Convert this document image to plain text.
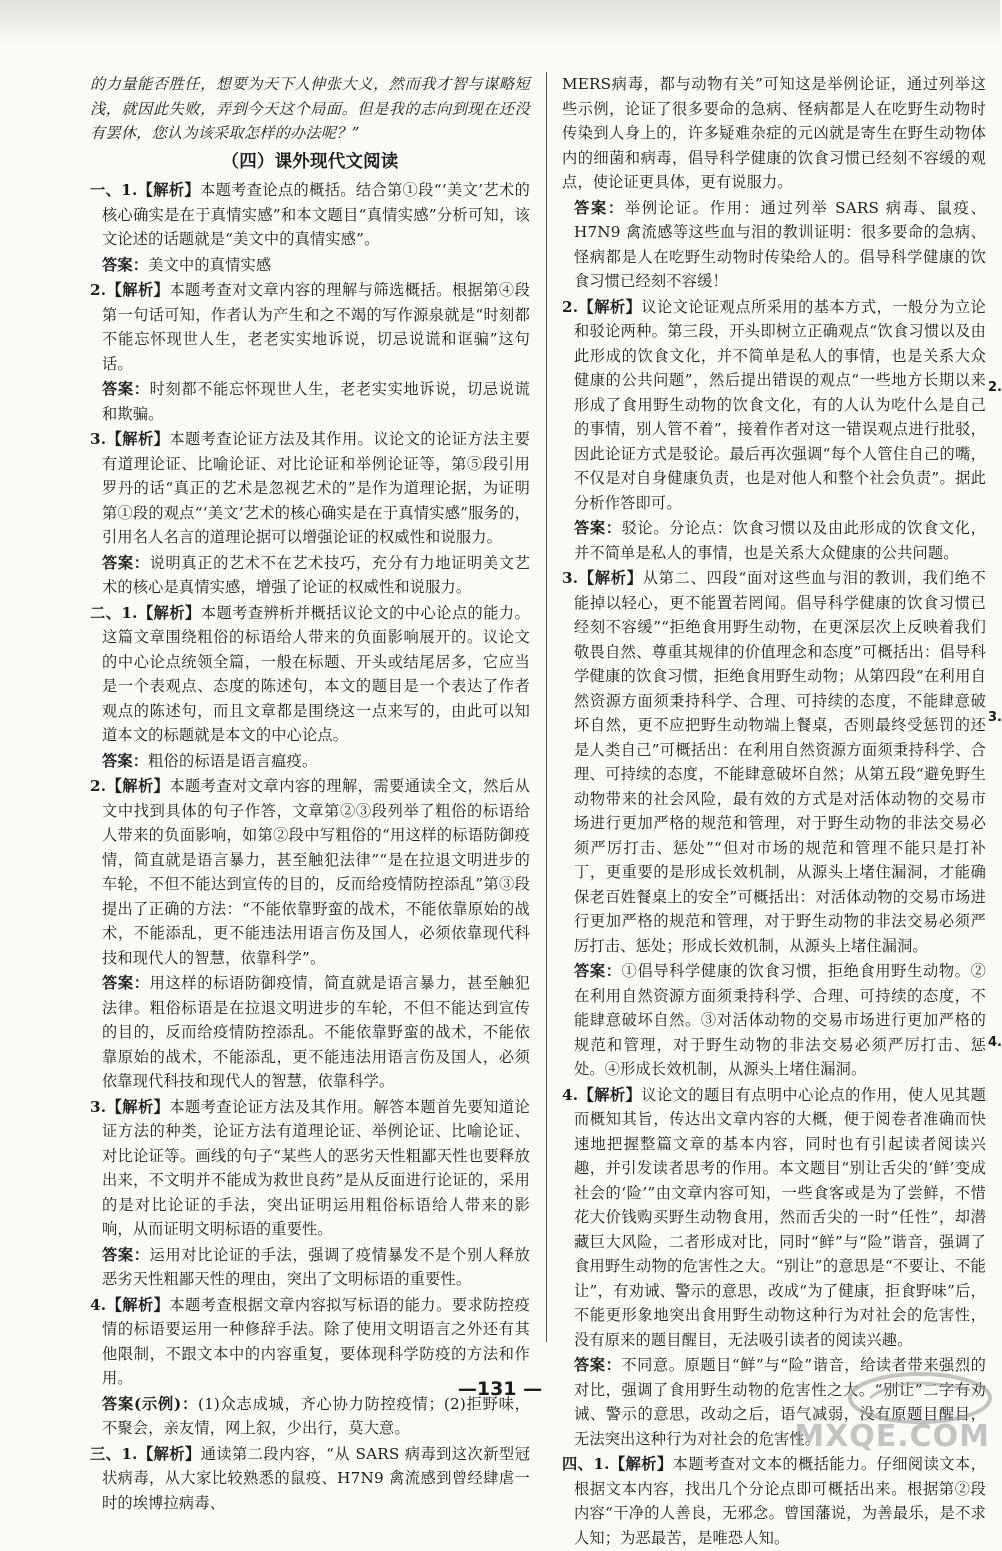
的力量能否胜任，想要为天下人伸张大义，然而我才智与谋略短浅，就因此失败，弄到今天这个局面。但是我的志向到现在还没有罢休，您认为该采取怎样的办法呢？”
（四）课外现代文阅读
一、1.【解析】本题考查论点的概括。结合第①段“‘美文’艺术的核心确实是在于真情实感”和本文题目“真情实感”分析可知，该文论述的话题就是“美文中的真情实感”。
答案：美文中的真情实感
2.【解析】本题考查对文章内容的理解与筛选概括。根据第④段第一句话可知，作者认为产生和之不竭的写作源泉就是“时刻都不能忘怀现世人生，老老实实地诉说，切忌说谎和诓骗”这句话。
答案：时刻都不能忘怀现世人生，老老实实地诉说，切忌说谎和欺骗。
3.【解析】本题考查论证方法及其作用。议论文的论证方法主要有道理论证、比喻论证、对比论证和举例论证等，第⑤段引用罗丹的话“真正的艺术是忽视艺术的”是作为道理论据，为证明第①段的观点“‘美文’艺术的核心确实是在于真情实感”服务的，引用名人名言的道理论据可以增强论证的权威性和说服力。
答案：说明真正的艺术不在艺术技巧，充分有力地证明美文艺术的核心是真情实感，增强了论证的权威性和说服力。
二、1.【解析】本题考查辨析并概括议论文的中心论点的能力。这篇文章围绕粗俗的标语给人带来的负面影响展开的。议论文的中心论点统领全篇，一般在标题、开头或结尾居多，它应当是一个表观点、态度的陈述句，本文的题目是一个表达了作者观点的陈述句，而且文章都是围绕这一点来写的，由此可以知道本文的标题就是本文的中心论点。
答案：粗俗的标语是语言瘟疫。
2.【解析】本题考查对文章内容的理解，需要通读全文，然后从文中找到具体的句子作答，文章第②③段列举了粗俗的标语给人带来的负面影响，如第②段中写粗俗的“用这样的标语防御疫情，简直就是语言暴力，甚至触犯法律”“是在拉退文明进步的车轮，不但不能达到宣传的目的，反而给疫情防控添乱”第③段提出了正确的方法：“不能依靠野蛮的战术，不能依靠原始的战术，不能添乱，更不能违法用语言伤及国人，必须依靠现代科技和现代人的智慧，依靠科学”。
答案：用这样的标语防御疫情，简直就是语言暴力，甚至触犯法律。粗俗标语是在拉退文明进步的车轮，不但不能达到宣传的目的，反而给疫情防控添乱。不能依靠野蛮的战术，不能依靠原始的战术，不能添乱，更不能违法用语言伤及国人，必须依靠现代科技和现代人的智慧，依靠科学。
3.【解析】本题考查论证方法及其作用。解答本题首先要知道论证方法的种类，论证方法有道理论证、举例论证、比喻论证、对比论证等。画线的句子“某些人的恶劣天性粗鄙天性也要释放出来，不文明并不能成为救世良药”是从反面进行论证的，采用的是对比论证的手法，突出证明运用粗俗标语给人带来的影响，从而证明文明标语的重要性。
答案：运用对比论证的手法，强调了疫情暴发不是个别人释放恶劣天性粗鄙天性的理由，突出了文明标语的重要性。
4.【解析】本题考查根据文章内容拟写标语的能力。要求防控疫情的标语要运用一种修辞手法。除了使用文明语言之外还有其他限制，不跟文本中的内容重复，要体现科学防疫的方法和作用。
答案(示例)：(1)众志成城，齐心协力防控疫情；(2)拒野味，不聚会，亲友情，网上叙，少出行，莫大意。
三、1.【解析】通读第二段内容，“从 SARS 病毒到这次新型冠状病毒，从大家比较熟悉的鼠疫、H7N9 禽流感到曾经肆虐一时的埃博拉病毒、
MERS病毒，都与动物有关”可知这是举例论证，通过列举这些示例，论证了很多要命的急病、怪病都是人在吃野生动物时传染到人身上的，许多疑难杂症的元凶就是寄生在野生动物体内的细菌和病毒，倡导科学健康的饮食习惯已经刻不容缓的观点，使论证更具体，更有说服力。
答案：举例论证。作用：通过列举 SARS 病毒、鼠疫、H7N9 禽流感等这些血与泪的教训证明：很多要命的急病、怪病都是人在吃野生动物时传染给人的。倡导科学健康的饮食习惯已经刻不容缓！
2.【解析】议论文论证观点所采用的基本方式，一般分为立论和驳论两种。第三段，开头即树立正确观点“饮食习惯以及由此形成的饮食文化，并不简单是私人的事情，也是关系大众健康的公共问题”，然后提出错误的观点“一些地方长期以来形成了食用野生动物的饮食文化，有的人认为吃什么是自己的事情，别人管不着”，接着作者对这一错误观点进行批驳，因此论证方式是驳论。最后再次强调“每个人管住自己的嘴，不仅是对自身健康负责，也是对他人和整个社会负责”。据此分析作答即可。
答案：驳论。分论点：饮食习惯以及由此形成的饮食文化，并不简单是私人的事情，也是关系大众健康的公共问题。
3.【解析】从第二、四段“面对这些血与泪的教训，我们绝不能掉以轻心，更不能置若罔闻。倡导科学健康的饮食习惯已经刻不容缓”“拒绝食用野生动物，在更深层次上反映着我们敬畏自然、尊重其规律的价值理念和态度”可概括出：倡导科学健康的饮食习惯，拒绝食用野生动物；从第四段“在利用自然资源方面须秉持科学、合理、可持续的态度，不能肆意破坏自然，更不应把野生动物端上餐桌，否则最终受惩罚的还是人类自己”可概括出：在利用自然资源方面须秉持科学、合理、可持续的态度，不能肆意破坏自然；从第五段“避免野生动物带来的社会风险，最有效的方式是对活体动物的交易市场进行更加严格的规范和管理，对于野生动物的非法交易必须严厉打击、惩处”“但对市场的规范和管理不能只是打补丁，更重要的是形成长效机制，从源头上堵住漏洞，才能确保老百姓餐桌上的安全”可概括出：对活体动物的交易市场进行更加严格的规范和管理，对于野生动物的非法交易必须严厉打击、惩处；形成长效机制，从源头上堵住漏洞。
答案：①倡导科学健康的饮食习惯，拒绝食用野生动物。②在利用自然资源方面须秉持科学、合理、可持续的态度，不能肆意破坏自然。③对活体动物的交易市场进行更加严格的规范和管理，对于野生动物的非法交易必须严厉打击、惩处。④形成长效机制，从源头上堵住漏洞。
4.【解析】议论文的题目有点明中心论点的作用，使人见其题而概知其旨，传达出文章内容的大概，便于阅卷者准确而快速地把握整篇文章的基本内容，同时也有引起读者阅读兴趣，并引发读者思考的作用。本文题目“别让舌尖的‘鲜’变成社会的‘险’”由文章内容可知，一些食客或是为了尝鲜，不惜花大价钱购买野生动物食用，然而舌尖的一时“任性”，却潜藏巨大风险，二者形成对比，同时“鲜”与“险”谐音，强调了食用野生动物的危害性之大。“别让”的意思是“不要让、不能让”，有劝诫、警示的意思，改成“为了健康，拒食野味”后，不能更形象地突出食用野生动物这种行为对社会的危害性，没有原来的题目醒目，无法吸引读者的阅读兴趣。
答案：不同意。原题目“鲜”与“险”谐音，给读者带来强烈的对比，强调了食用野生动物的危害性之大。“别让”二字有劝诫、警示的意思，改动之后，语气减弱，没有原题目醒目，无法突出这种行为对社会的危害性。
四、1.【解析】本题考查对文本的概括能力。仔细阅读文本，根据文本内容，找出几个分论点即可概括出来。根据第②段内容“干净的人善良，无邪念。曾国藩说，为善最乐，是不求人知；为恶最苦，是唯恐人知。
2.
3.
4.
—131 —
MXQE.COM
